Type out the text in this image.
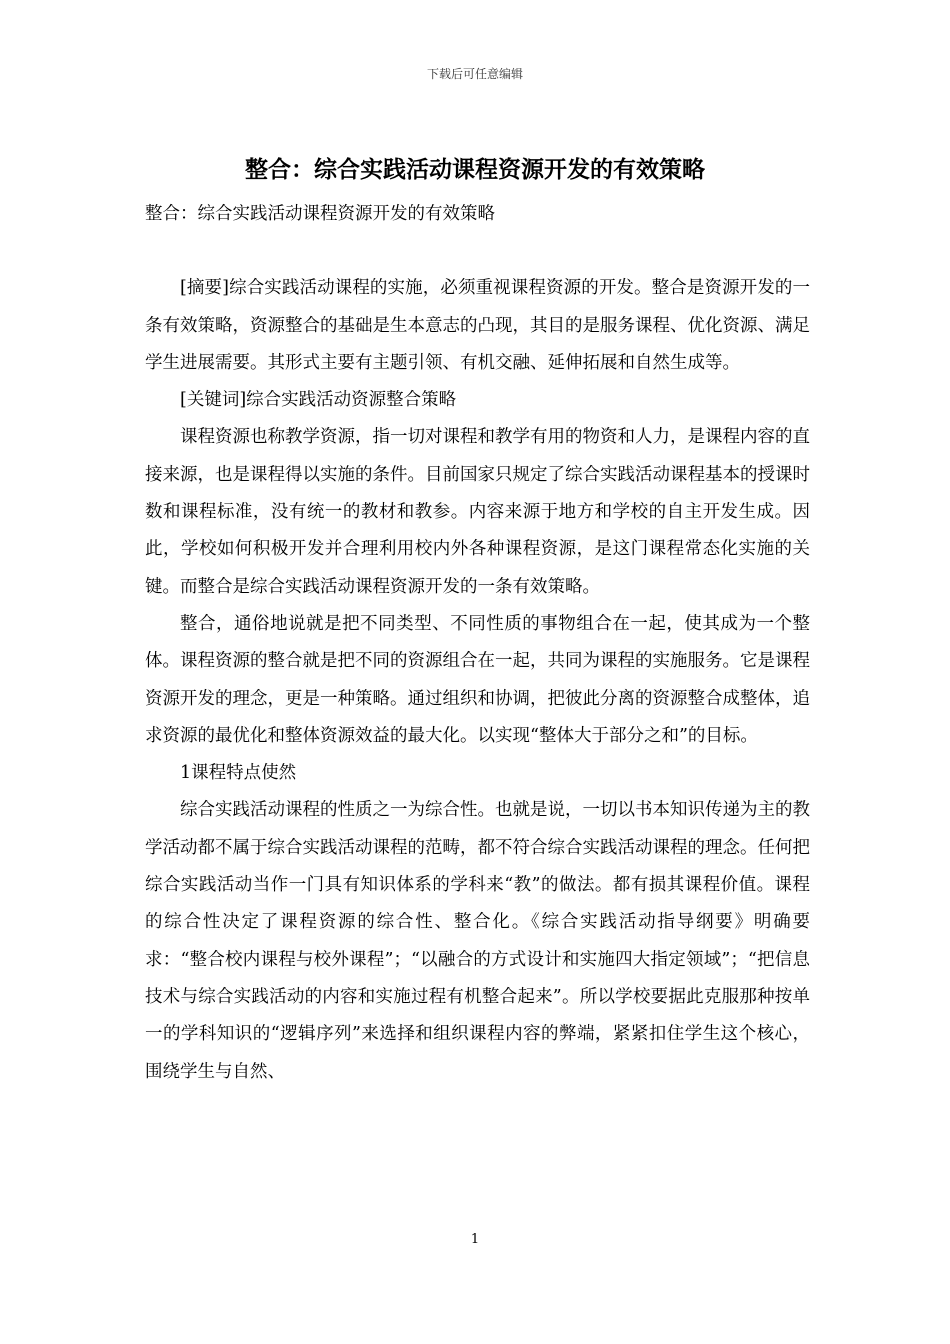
下载后可任意编辑
整合：综合实践活动课程资源开发的有效策略

整合：综合实践活动课程资源开发的有效策略

[摘要]综合实践活动课程的实施，必须重视课程资源的开发。整合是资源开发的一条有效策略，资源整合的基础是生本意志的凸现，其目的是服务课程、优化资源、满足学生进展需要。其形式主要有主题引领、有机交融、延伸拓展和自然生成等。

[关键词]综合实践活动资源整合策略

课程资源也称教学资源，指一切对课程和教学有用的物资和人力，是课程内容的直接来源，也是课程得以实施的条件。目前国家只规定了综合实践活动课程基本的授课时数和课程标准，没有统一的教材和教参。内容来源于地方和学校的自主开发生成。因此，学校如何积极开发并合理利用校内外各种课程资源，是这门课程常态化实施的关键。而整合是综合实践活动课程资源开发的一条有效策略。

整合，通俗地说就是把不同类型、不同性质的事物组合在一起，使其成为一个整体。课程资源的整合就是把不同的资源组合在一起，共同为课程的实施服务。它是课程资源开发的理念，更是一种策略。通过组织和协调，把彼此分离的资源整合成整体，追求资源的最优化和整体资源效益的最大化。以实现“整体大于部分之和”的目标。

1课程特点使然

综合实践活动课程的性质之一为综合性。也就是说，一切以书本知识传递为主的教学活动都不属于综合实践活动课程的范畴，都不符合综合实践活动课程的理念。任何把综合实践活动当作一门具有知识体系的学科来“教”的做法。都有损其课程价值。课程的综合性决定了课程资源的综合性、整合化。《综合实践活动指导纲要》明确要求：“整合校内课程与校外课程”；“以融合的方式设计和实施四大指定领域”；“把信息技术与综合实践活动的内容和实施过程有机整合起来”。所以学校要据此克服那种按单一的学科知识的“逻辑序列”来选择和组织课程内容的弊端，紧紧扣住学生这个核心，围绕学生与自然、

1
